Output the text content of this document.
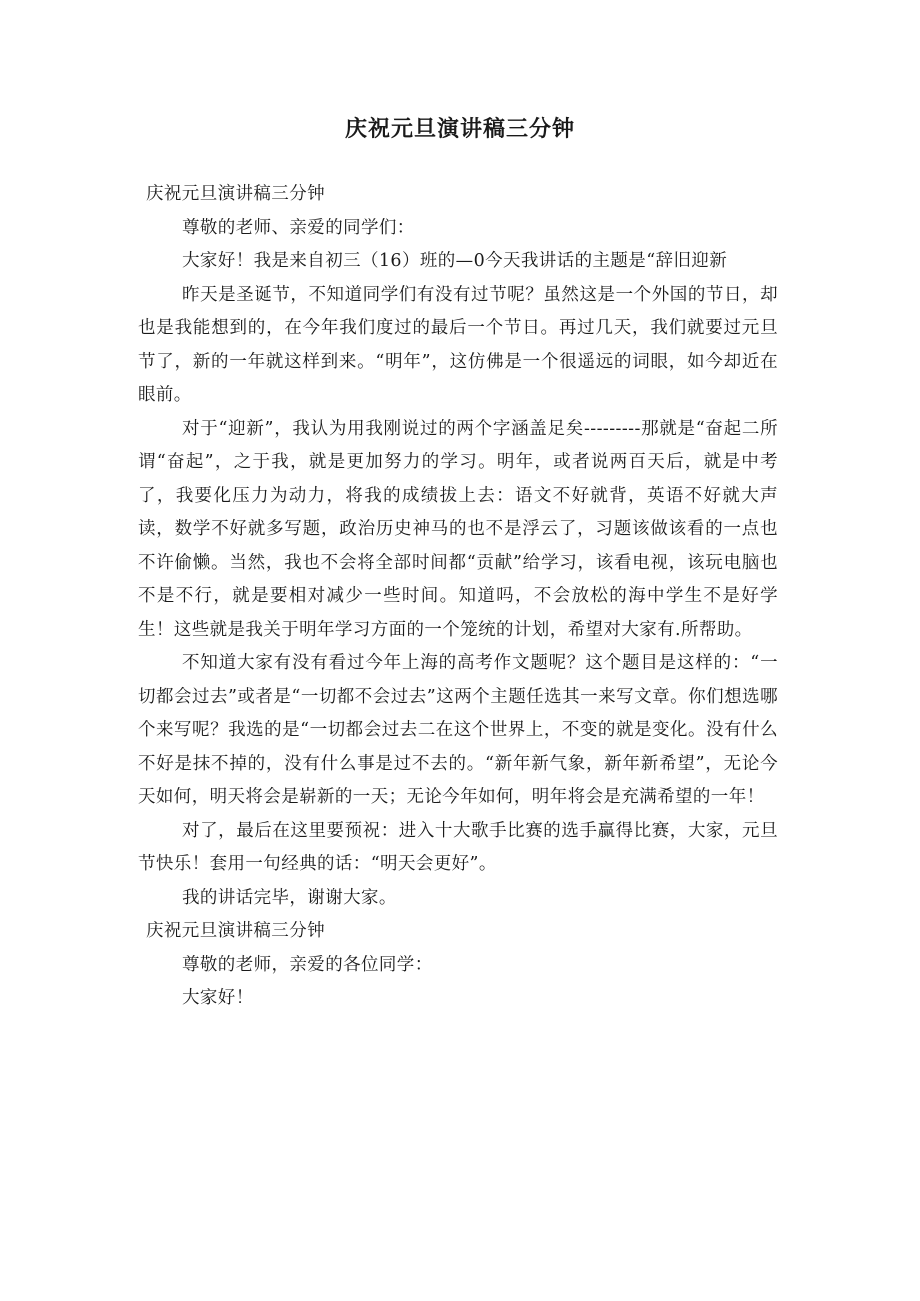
庆祝元旦演讲稿三分钟

庆祝元旦演讲稿三分钟

尊敬的老师、亲爱的同学们：

大家好！我是来自初三（16）班的—0今天我讲话的主题是“辞旧迎新

昨天是圣诞节，不知道同学们有没有过节呢？虽然这是一个外国的节日，却也是我能想到的，在今年我们度过的最后一个节日。再过几天，我们就要过元旦节了，新的一年就这样到来。“明年”，这仿佛是一个很遥远的词眼，如今却近在眼前。

对于“迎新”，我认为用我刚说过的两个字涵盖足矣---------那就是“奋起二所谓“奋起”，之于我，就是更加努力的学习。明年，或者说两百天后，就是中考了，我要化压力为动力，将我的成绩拔上去：语文不好就背，英语不好就大声读，数学不好就多写题，政治历史神马的也不是浮云了，习题该做该看的一点也不许偷懒。当然，我也不会将全部时间都“贡献”给学习，该看电视，该玩电脑也不是不行，就是要相对减少一些时间。知道吗，不会放松的海中学生不是好学生！这些就是我关于明年学习方面的一个笼统的计划，希望对大家有.所帮助。

不知道大家有没有看过今年上海的高考作文题呢？这个题目是这样的：“一切都会过去”或者是“一切都不会过去”这两个主题任选其一来写文章。你们想选哪个来写呢？我选的是“一切都会过去二在这个世界上，不变的就是变化。没有什么不好是抹不掉的，没有什么事是过不去的。“新年新气象，新年新希望”，无论今天如何，明天将会是崭新的一天；无论今年如何，明年将会是充满希望的一年！

对了，最后在这里要预祝：进入十大歌手比赛的选手赢得比赛，大家，元旦节快乐！套用一句经典的话：“明天会更好”。

我的讲话完毕，谢谢大家。

庆祝元旦演讲稿三分钟

尊敬的老师，亲爱的各位同学：

大家好！
